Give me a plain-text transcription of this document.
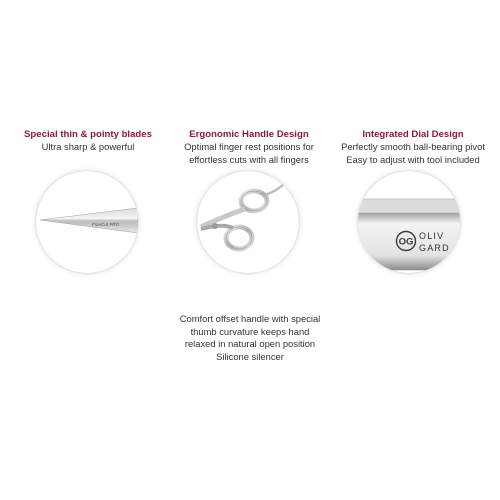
Special thin & pointy blades
Ultra sharp & powerful
Ergonomic Handle Design
Optimal finger rest positions for
effortless cuts with all fingers
Integrated Dial Design
Perfectly smooth ball-bearing pivot
Easy to adjust with tool included
FineCut PRO
OG
OLIV
GARD
Comfort offset handle with special
thumb curvature keeps hand
relaxed in natural open position
Silicone silencer
